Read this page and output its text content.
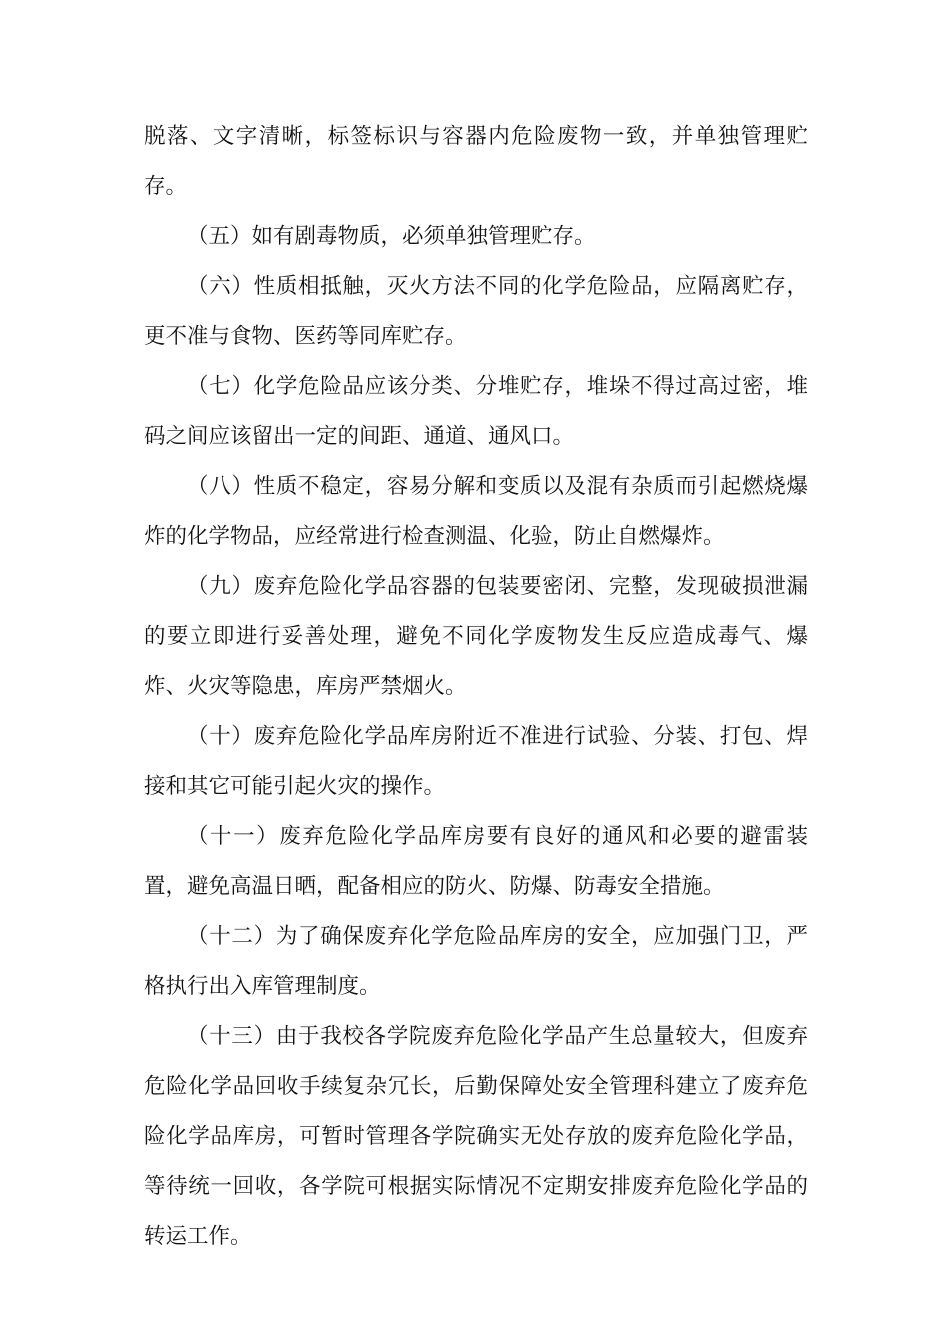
脱落、文字清晰，标签标识与容器内危险废物一致，并单独管理贮存。

（五）如有剧毒物质，必须单独管理贮存。

（六）性质相抵触，灭火方法不同的化学危险品，应隔离贮存，更不准与食物、医药等同库贮存。

（七）化学危险品应该分类、分堆贮存，堆垛不得过高过密，堆码之间应该留出一定的间距、通道、通风口。

（八）性质不稳定，容易分解和变质以及混有杂质而引起燃烧爆炸的化学物品，应经常进行检查测温、化验，防止自燃爆炸。

（九）废弃危险化学品容器的包装要密闭、完整，发现破损泄漏的要立即进行妥善处理，避免不同化学废物发生反应造成毒气、爆炸、火灾等隐患，库房严禁烟火。

（十）废弃危险化学品库房附近不准进行试验、分装、打包、焊接和其它可能引起火灾的操作。

（十一）废弃危险化学品库房要有良好的通风和必要的避雷装置，避免高温日晒，配备相应的防火、防爆、防毒安全措施。

（十二）为了确保废弃化学危险品库房的安全，应加强门卫，严格执行出入库管理制度。

（十三）由于我校各学院废弃危险化学品产生总量较大，但废弃危险化学品回收手续复杂冗长，后勤保障处安全管理科建立了废弃危险化学品库房，可暂时管理各学院确实无处存放的废弃危险化学品，等待统一回收，各学院可根据实际情况不定期安排废弃危险化学品的转运工作。
